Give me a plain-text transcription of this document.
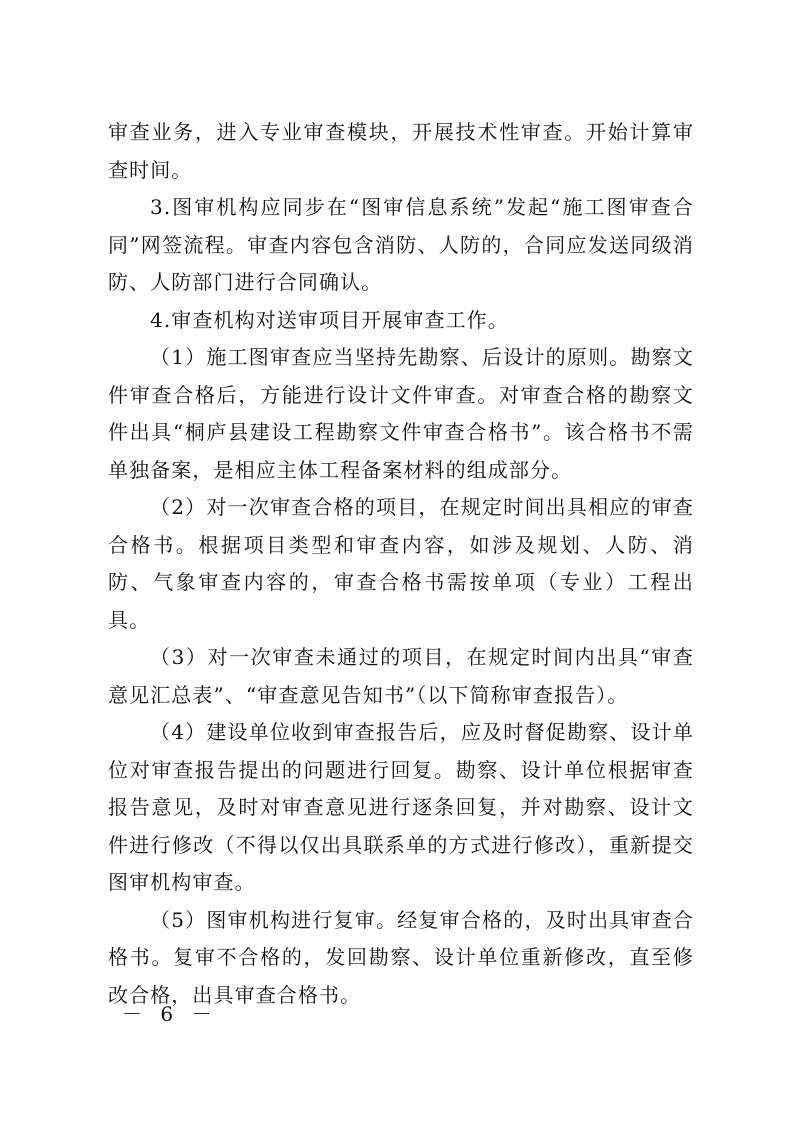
审查业务，进入专业审查模块，开展技术性审查。开始计算审查时间。

3.图审机构应同步在“图审信息系统”发起“施工图审查合同”网签流程。审查内容包含消防、人防的，合同应发送同级消防、人防部门进行合同确认。

4.审查机构对送审项目开展审查工作。

（1）施工图审查应当坚持先勘察、后设计的原则。勘察文件审查合格后，方能进行设计文件审查。对审查合格的勘察文件出具“桐庐县建设工程勘察文件审查合格书”。该合格书不需单独备案，是相应主体工程备案材料的组成部分。

（2）对一次审查合格的项目，在规定时间出具相应的审查合格书。根据项目类型和审查内容，如涉及规划、人防、消防、气象审查内容的，审查合格书需按单项（专业）工程出具。

（3）对一次审查未通过的项目，在规定时间内出具“审查意见汇总表”、“审查意见告知书”（以下简称审查报告）。

（4）建设单位收到审查报告后，应及时督促勘察、设计单位对审查报告提出的问题进行回复。勘察、设计单位根据审查报告意见，及时对审查意见进行逐条回复，并对勘察、设计文件进行修改（不得以仅出具联系单的方式进行修改），重新提交图审机构审查。

（5）图审机构进行复审。经复审合格的，及时出具审查合格书。复审不合格的，发回勘察、设计单位重新修改，直至修改合格，出具审查合格书。

－ 6 －
